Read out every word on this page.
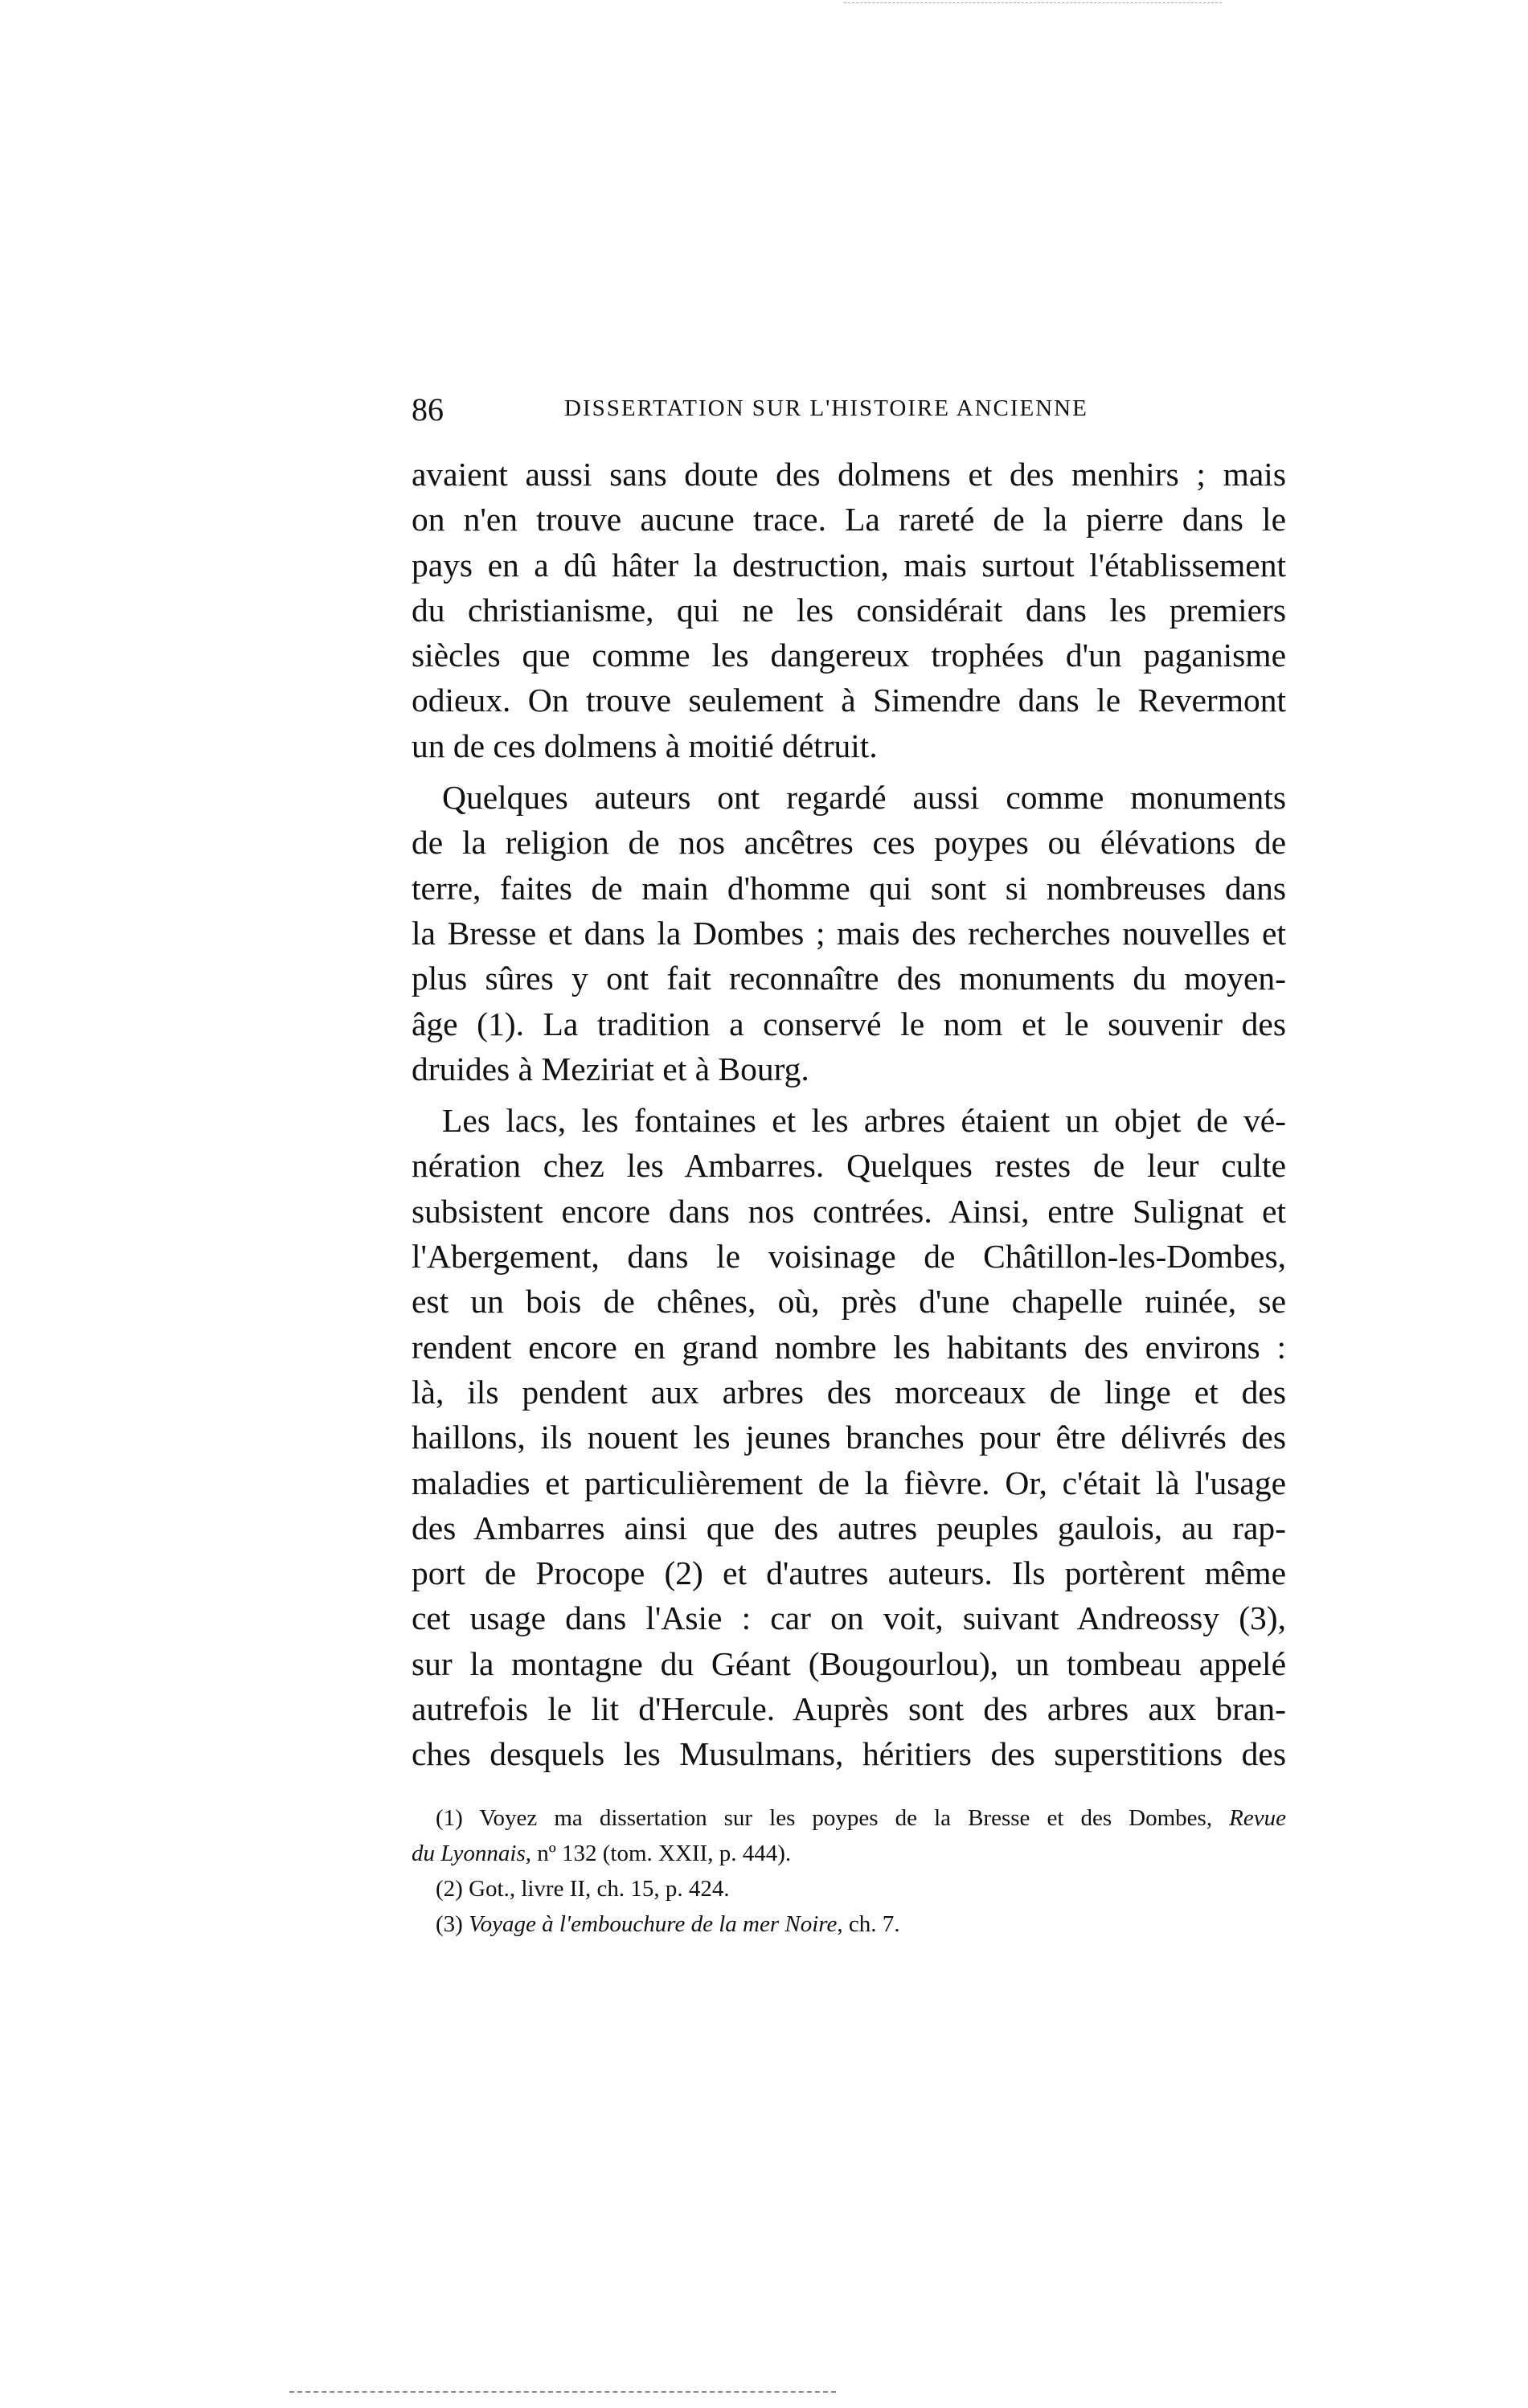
86	DISSERTATION SUR L'HISTOIRE ANCIENNE
avaient aussi sans doute des dolmens et des menhirs ; mais
on n'en trouve aucune trace. La rareté de la pierre dans le
pays en a dû hâter la destruction, mais surtout l'établissement
du christianisme, qui ne les considérait dans les premiers
siècles que comme les dangereux trophées d'un paganisme
odieux. On trouve seulement à Simendre dans le Revermont
un de ces dolmens à moitié détruit.
Quelques auteurs ont regardé aussi comme monuments
de la religion de nos ancêtres ces poypes ou élévations de
terre, faites de main d'homme qui sont si nombreuses dans
la Bresse et dans la Dombes ; mais des recherches nouvelles et
plus sûres y ont fait reconnaître des monuments du moyen-
âge (1). La tradition a conservé le nom et le souvenir des
druides à Meziriat et à Bourg.
Les lacs, les fontaines et les arbres étaient un objet de vé-
nération chez les Ambarres. Quelques restes de leur culte
subsistent encore dans nos contrées. Ainsi, entre Sulignat et
l'Abergement, dans le voisinage de Châtillon-les-Dombes,
est un bois de chênes, où, près d'une chapelle ruinée, se
rendent encore en grand nombre les habitants des environs :
là, ils pendent aux arbres des morceaux de linge et des
haillons, ils nouent les jeunes branches pour être délivrés des
maladies et particulièrement de la fièvre. Or, c'était là l'usage
des Ambarres ainsi que des autres peuples gaulois, au rap-
port de Procope (2) et d'autres auteurs. Ils portèrent même
cet usage dans l'Asie : car on voit, suivant Andreossy (3),
sur la montagne du Géant (Bougourlou), un tombeau appelé
autrefois le lit d'Hercule. Auprès sont des arbres aux bran-
ches desquels les Musulmans, héritiers des superstitions des
(1) Voyez ma dissertation sur les poypes de la Bresse et des Dombes, Revue
du Lyonnais, nº 132 (tom. XXII, p. 444).
(2) Got., livre II, ch. 15, p. 424.
(3) Voyage à l'embouchure de la mer Noire, ch. 7.
